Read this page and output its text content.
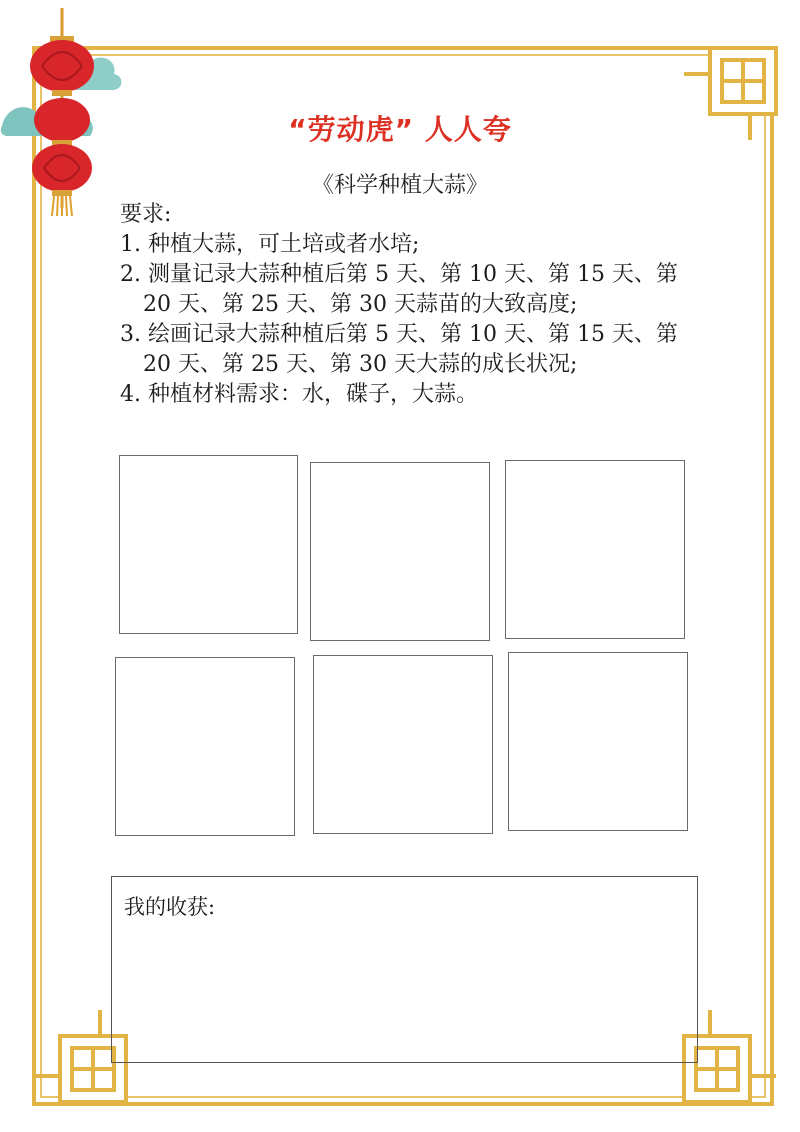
“劳动虎” 人人夸
《科学种植大蒜》

要求:

1. 种植大蒜，可土培或者水培;

2. 测量记录大蒜种植后第 5 天、第 10 天、第 15 天、第 20 天、第 25 天、第 30 天蒜苗的大致高度;

3. 绘画记录大蒜种植后第 5 天、第 10 天、第 15 天、第 20 天、第 25 天、第 30 天大蒜的成长状况;

4. 种植材料需求：水，碟子，大蒜。

我的收获:
